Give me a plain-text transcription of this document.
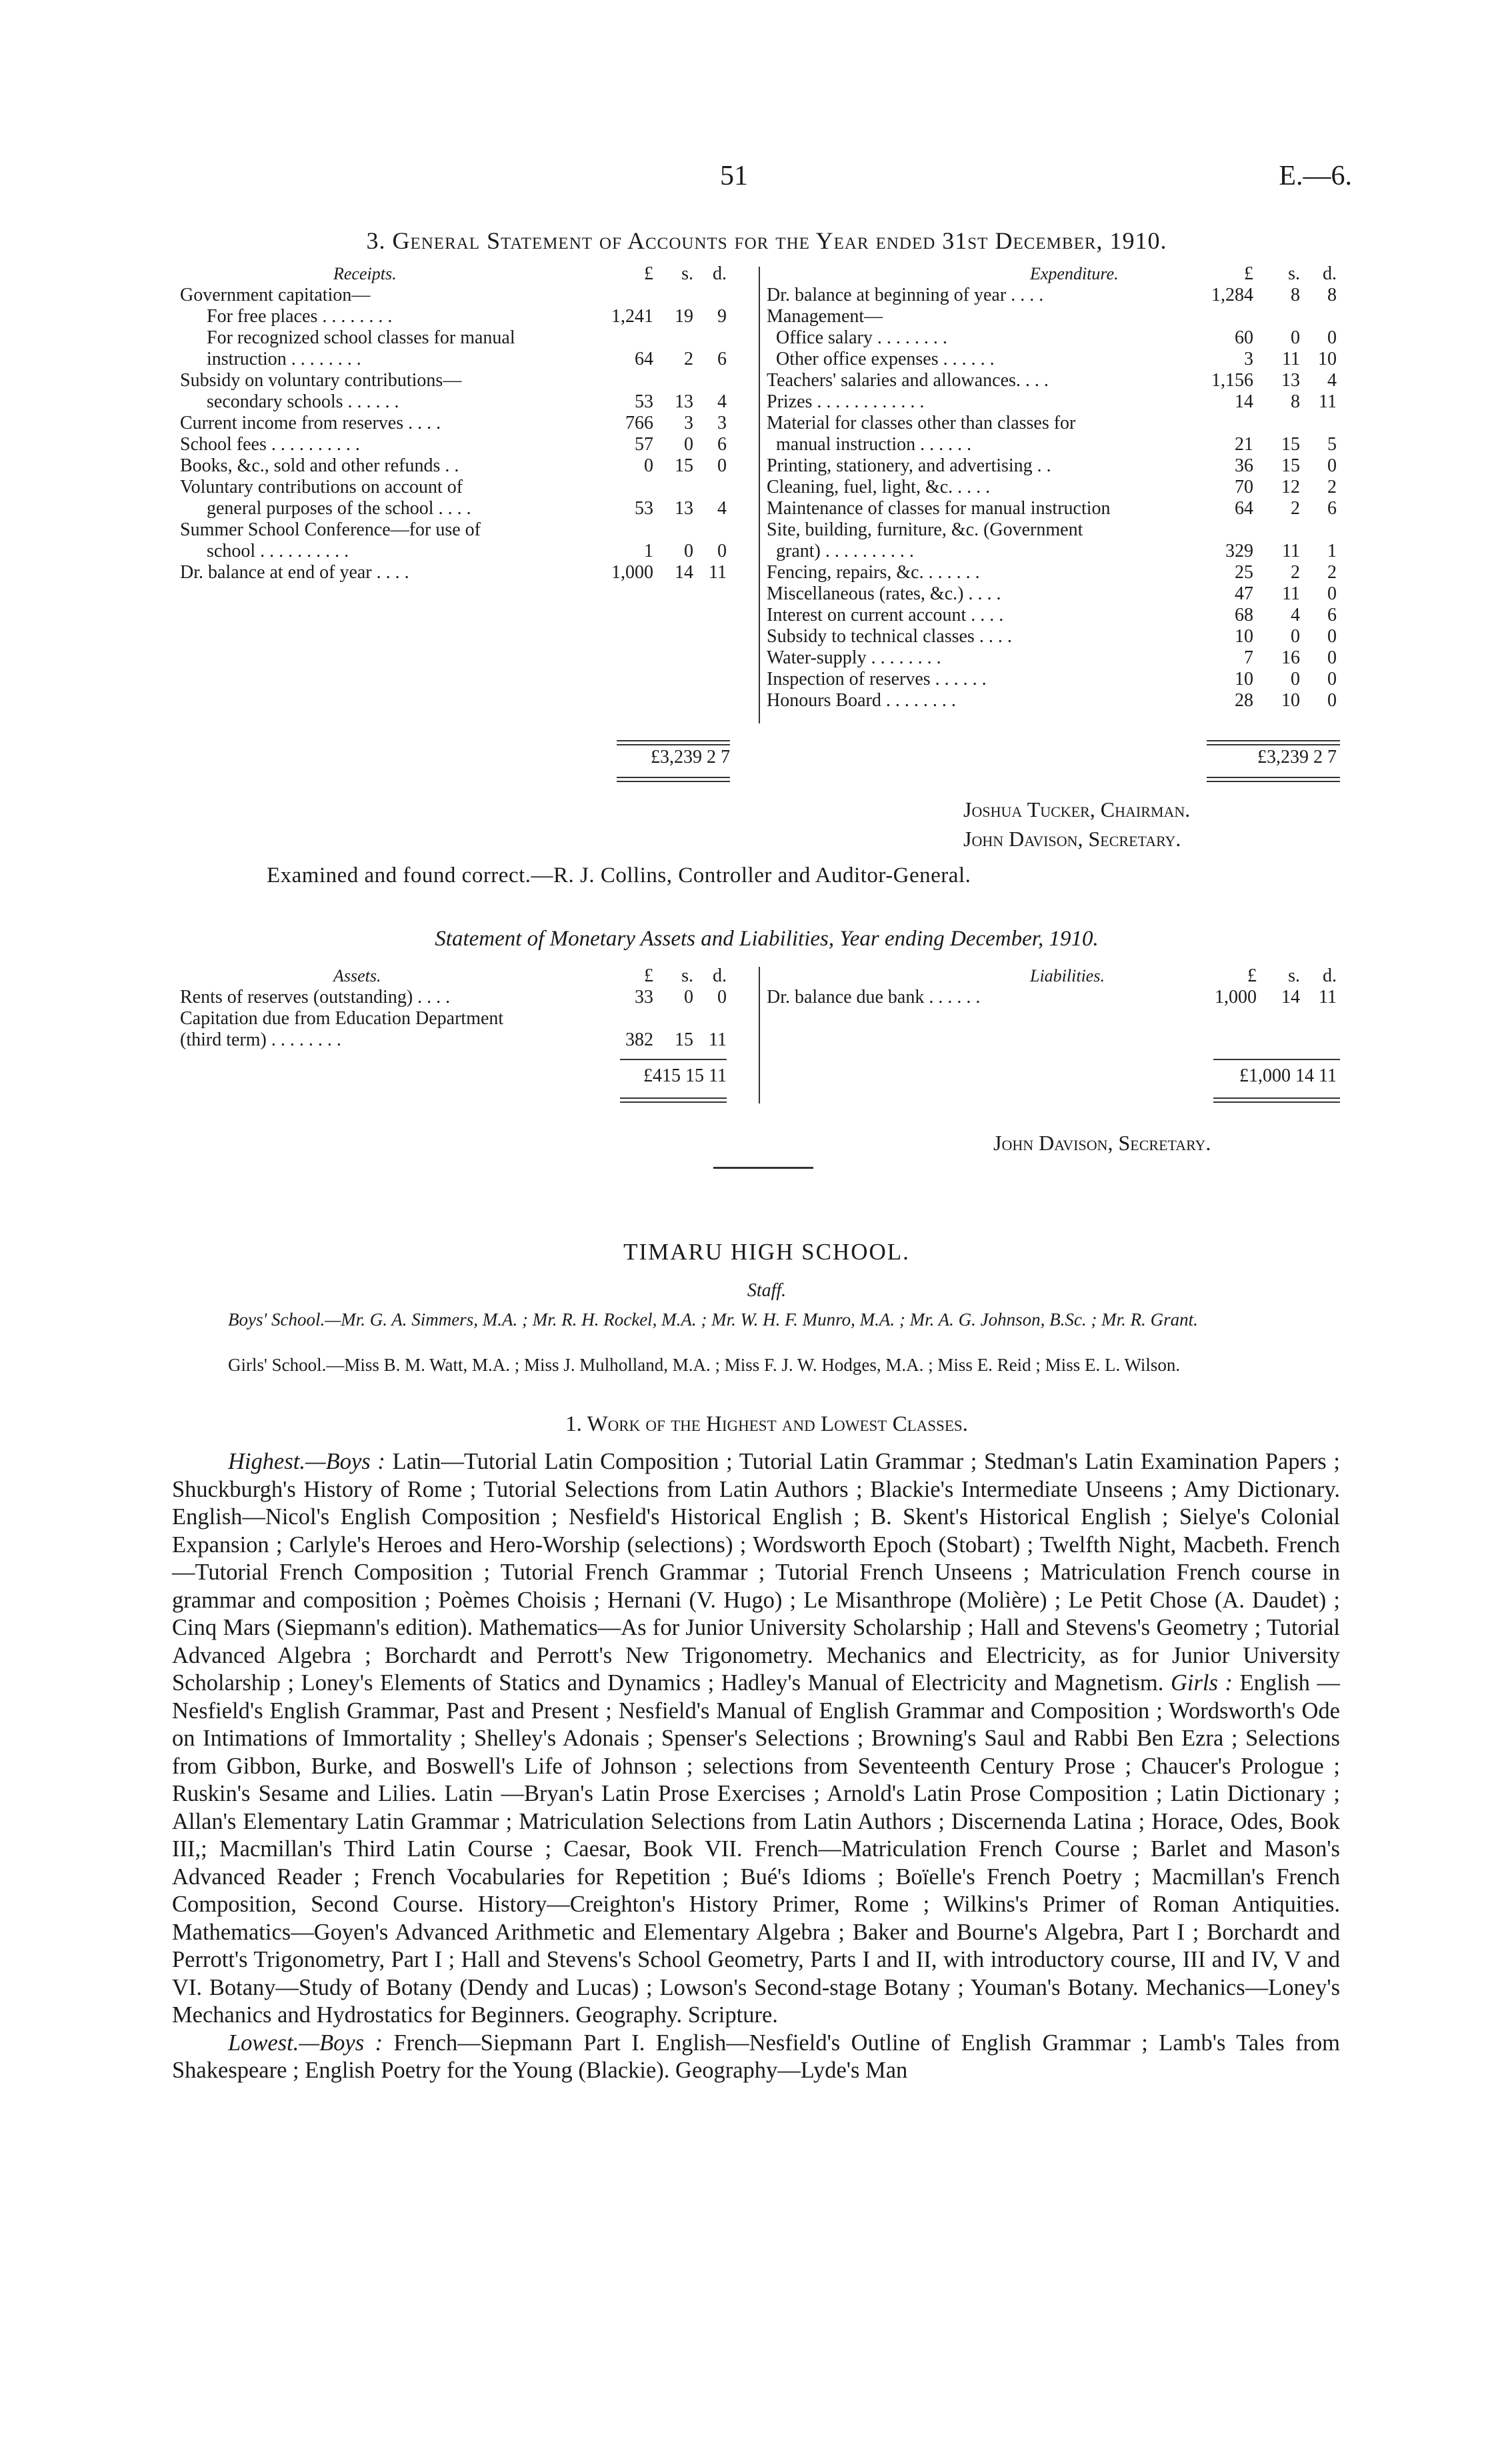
51	E.—6.
3. General Statement of Accounts for the Year ended 31st December, 1910.
Receipts.	£	s.	d.
Government capitation—
For free places . . . . . . . .	1,241	19	9
For recognized school classes for manual
instruction . . . . . . . .	64	2	6
Subsidy on voluntary contributions—
secondary schools . . . . . .	53	13	4
Current income from reserves . . . .	766	3	3
School fees . . . . . . . . . .	57	0	6
Books, &c., sold and other refunds . .	0	15	0
Voluntary contributions on account of
general purposes of the school . . . .	53	13	4
Summer School Conference—for use of
school . . . . . . . . . .	1	0	0
Dr. balance at end of year . . . .	1,000	14 11
£3,239 2 7
Expenditure.	£	s.	d.
Dr. balance at beginning of year . . . .	1,284	8	8
Management—
Office salary . . . . . . . .	60	0	0
Other office expenses . . . . . .	3	11 10
Teachers' salaries and allowances. . . .	1,156	13	4
Prizes . . . . . . . . . . . .	14	8	11
Material for classes other than classes for
manual instruction . . . . . .	21	15	5
Printing, stationery, and advertising . .	36	15	0
Cleaning, fuel, light, &c. . . . .	70	12	2
Maintenance of classes for manual instruction	64	2	6
Site, building, furniture, &c. (Government
grant) . . . . . . . . . .	329	11	1
Fencing, repairs, &c. . . . . . .	25	2	2
Miscellaneous (rates, &c.) . . . .	47	11	0
Interest on current account . . . .	68	4	6
Subsidy to technical classes . . . .	10	0	0
Water-supply . . . . . . . .	7	16	0
Inspection of reserves . . . . . .	10	0	0
Honours Board . . . . . . . .	28	10	0
£3,239 2 7
Joshua Tucker, Chairman.
John Davison, Secretary.
Examined and found correct.—R. J. Collins, Controller and Auditor-General.
Statement of Monetary Assets and Liabilities, Year ending December, 1910.
Assets.	£	s.	d.
Rents of reserves (outstanding) . . . .	33	0	0
Capitation due from Education Department
(third term) . . . . . . . .	382	15 11
£415 15 11
Liabilities.	£	s.	d.
Dr. balance due bank . . . . . .	1,000	14	11
£1,000 14 11
John Davison, Secretary.
TIMARU HIGH SCHOOL.
Staff.
Boys' School.—Mr. G. A. Simmers, M.A. ; Mr. R. H. Rockel, M.A. ; Mr. W. H. F. Munro, M.A. ; Mr. A. G. Johnson, B.Sc. ; Mr. R. Grant.
Girls' School.—Miss B. M. Watt, M.A. ; Miss J. Mulholland, M.A. ; Miss F. J. W. Hodges, M.A. ; Miss E. Reid ; Miss E. L. Wilson.
1. Work of the Highest and Lowest Classes.

Highest.—Boys : Latin—Tutorial Latin Composition ; Tutorial Latin Grammar ; Stedman's Latin Examination Papers ; Shuckburgh's History of Rome ; Tutorial Selections from Latin Authors ; Blackie's Intermediate Unseens ; Amy Dictionary. English—Nicol's English Composition ; Nesfield's Historical English ; B. Skent's Historical English ; Sielye's Colonial Expansion ; Carlyle's Heroes and Hero-Worship (selections) ; Wordsworth Epoch (Stobart) ; Twelfth Night, Macbeth. French—Tutorial French Composition ; Tutorial French Grammar ; Tutorial French Unseens ; Matriculation French course in grammar and composition ; Poèmes Choisis ; Hernani (V. Hugo) ; Le Misanthrope (Molière) ; Le Petit Chose (A. Daudet) ; Cinq Mars (Siepmann's edition). Mathematics—As for Junior University Scholarship ; Hall and Stevens's Geometry ; Tutorial Advanced Algebra ; Borchardt and Perrott's New Trigonometry. Mechanics and Electricity, as for Junior University Scholarship ; Loney's Elements of Statics and Dynamics ; Hadley's Manual of Electricity and Magnetism. Girls : English —Nesfield's English Grammar, Past and Present ; Nesfield's Manual of English Grammar and Composition ; Wordsworth's Ode on Intimations of Immortality ; Shelley's Adonais ; Spenser's Selections ; Browning's Saul and Rabbi Ben Ezra ; Selections from Gibbon, Burke, and Boswell's Life of Johnson ; selections from Seventeenth Century Prose ; Chaucer's Prologue ; Ruskin's Sesame and Lilies. Latin —Bryan's Latin Prose Exercises ; Arnold's Latin Prose Composition ; Latin Dictionary ; Allan's Elementary Latin Grammar ; Matriculation Selections from Latin Authors ; Discernenda Latina ; Horace, Odes, Book III,; Macmillan's Third Latin Course ; Caesar, Book VII. French—Matriculation French Course ; Barlet and Mason's Advanced Reader ; French Vocabularies for Repetition ; Bué's Idioms ; Boïelle's French Poetry ; Macmillan's French Composition, Second Course. History—Creighton's History Primer, Rome ; Wilkins's Primer of Roman Antiquities. Mathematics—Goyen's Advanced Arithmetic and Elementary Algebra ; Baker and Bourne's Algebra, Part I ; Borchardt and Perrott's Trigonometry, Part I ; Hall and Stevens's School Geometry, Parts I and II, with introductory course, III and IV, V and VI. Botany—Study of Botany (Dendy and Lucas) ; Lowson's Second-stage Botany ; Youman's Botany. Mechanics—Loney's Mechanics and Hydrostatics for Beginners. Geography. Scripture.

Lowest.—Boys : French—Siepmann Part I. English—Nesfield's Outline of English Grammar ; Lamb's Tales from Shakespeare ; English Poetry for the Young (Blackie). Geography—Lyde's Man
